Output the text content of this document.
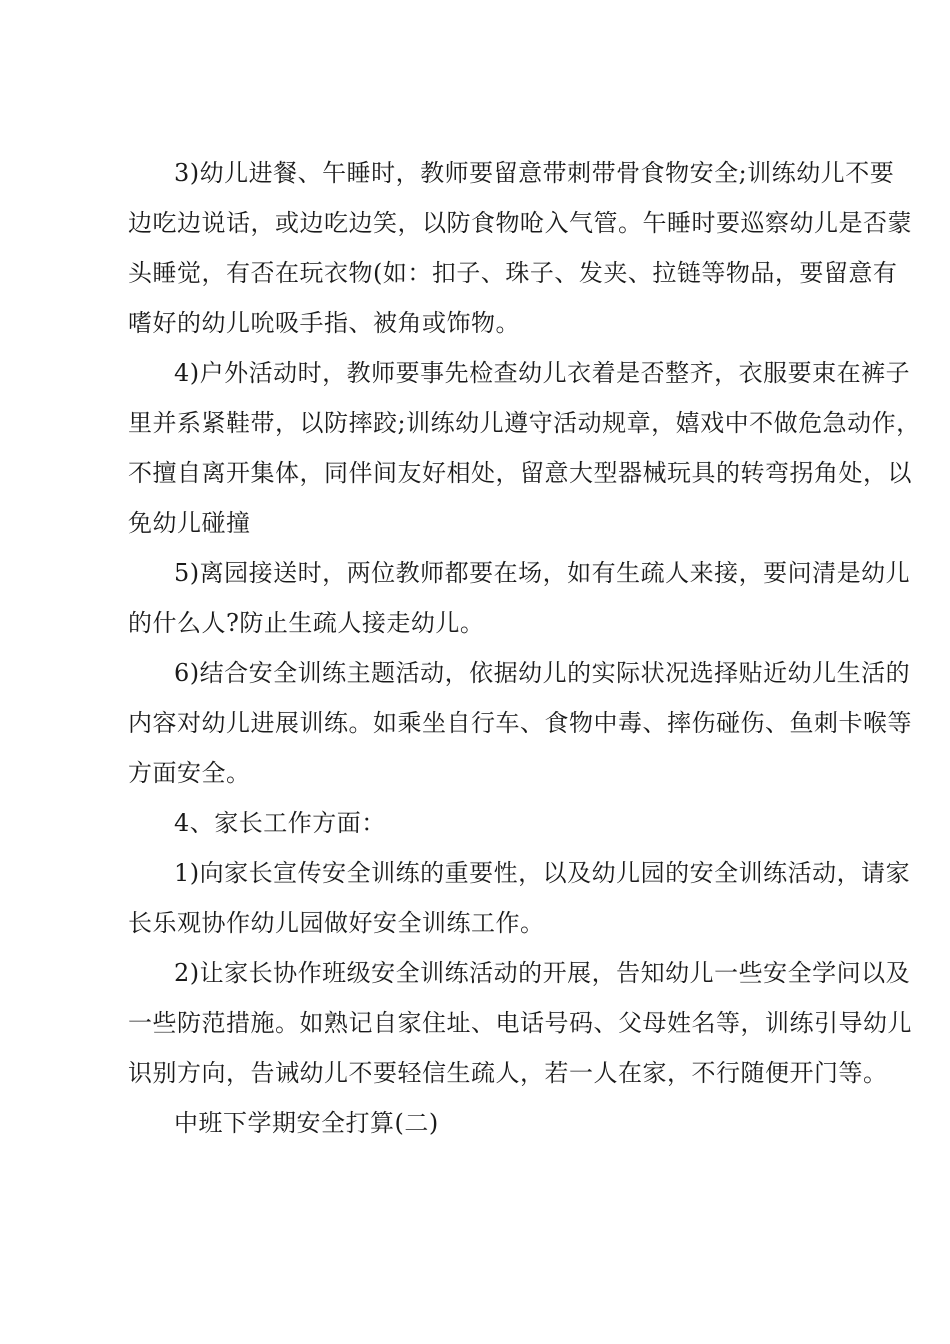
3)幼儿进餐、午睡时，教师要留意带刺带骨食物安全;训练幼儿不要
边吃边说话，或边吃边笑，以防食物呛入气管。午睡时要巡察幼儿是否蒙
头睡觉，有否在玩衣物(如：扣子、珠子、发夹、拉链等物品，要留意有
嗜好的幼儿吮吸手指、被角或饰物。
4)户外活动时，教师要事先检查幼儿衣着是否整齐，衣服要束在裤子
里并系紧鞋带，以防摔跤;训练幼儿遵守活动规章，嬉戏中不做危急动作，
不擅自离开集体，同伴间友好相处，留意大型器械玩具的转弯拐角处，以
免幼儿碰撞
5)离园接送时，两位教师都要在场，如有生疏人来接，要问清是幼儿
的什么人?防止生疏人接走幼儿。
6)结合安全训练主题活动，依据幼儿的实际状况选择贴近幼儿生活的
内容对幼儿进展训练。如乘坐自行车、食物中毒、摔伤碰伤、鱼刺卡喉等
方面安全。
4、家长工作方面：
1)向家长宣传安全训练的重要性，以及幼儿园的安全训练活动，请家
长乐观协作幼儿园做好安全训练工作。
2)让家长协作班级安全训练活动的开展，告知幼儿一些安全学问以及
一些防范措施。如熟记自家住址、电话号码、父母姓名等，训练引导幼儿
识别方向，告诫幼儿不要轻信生疏人，若一人在家，不行随便开门等。
中班下学期安全打算(二)
